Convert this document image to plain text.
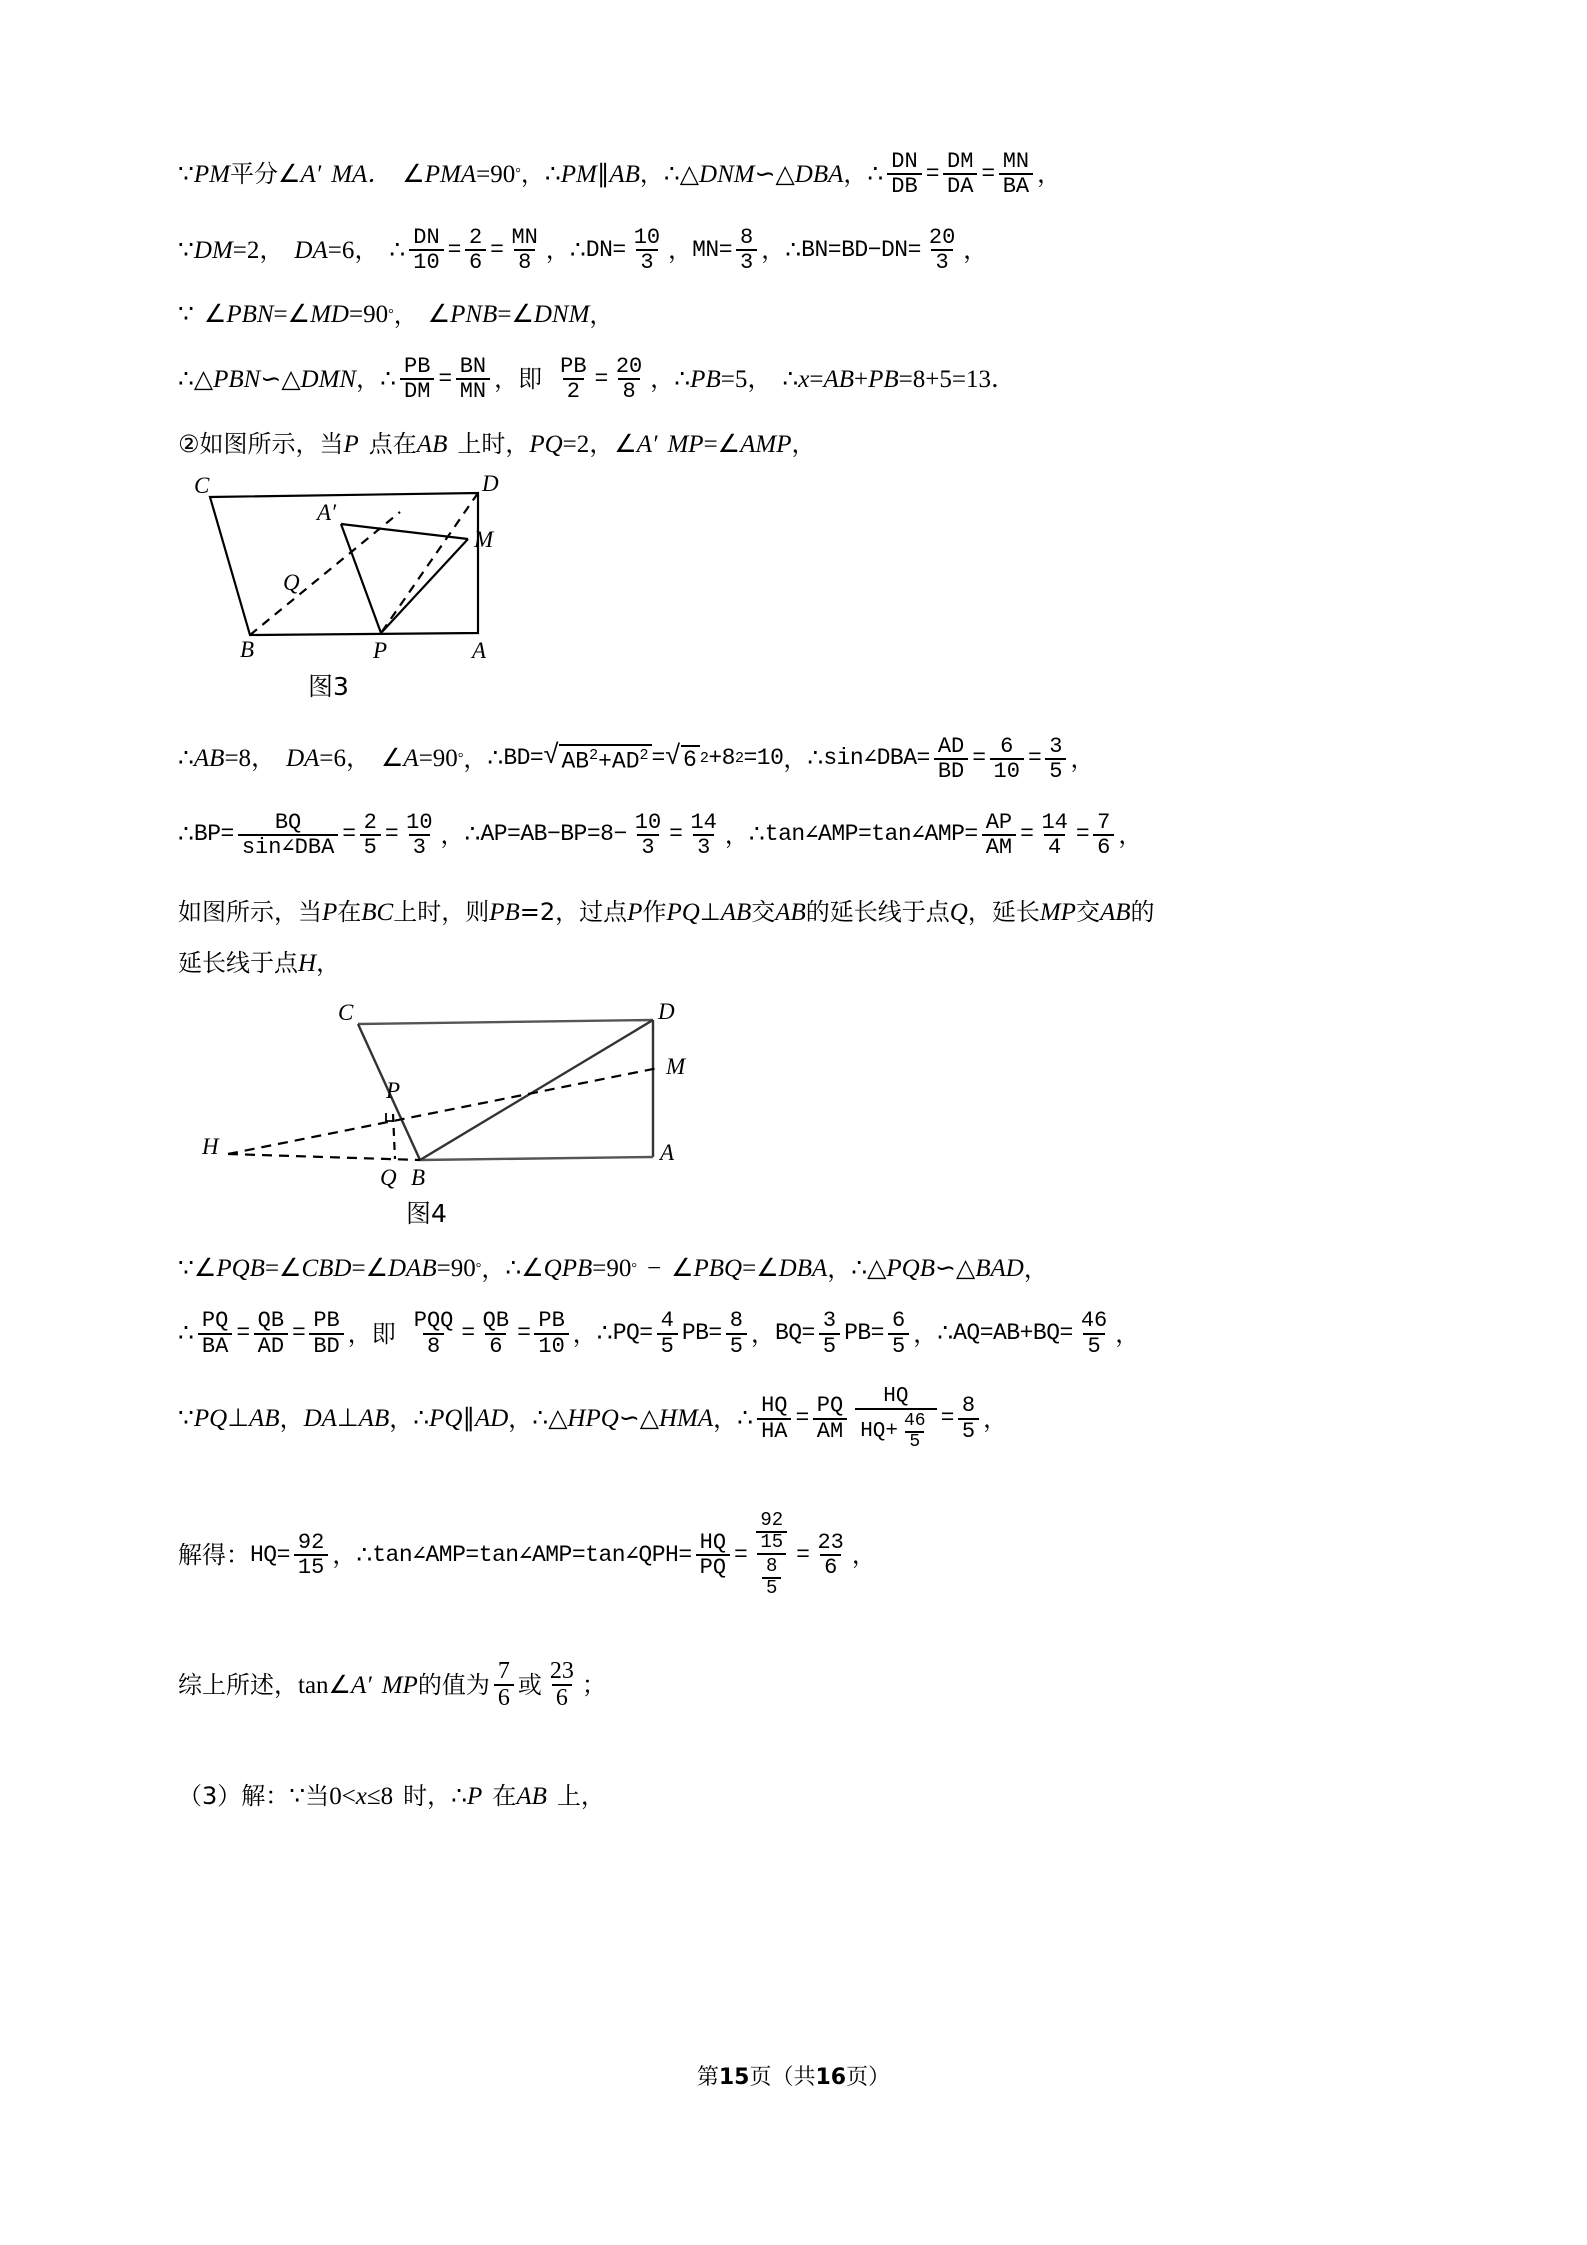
∵ PM 平分 ∠ A ′ MA． ∠ PMA =90 ° ， ∴ PM ∥ AB ， ∴ △ DNM ∽ △ DBA ， ∴ $\frac{DN}{DB} = \frac{DM}{DA} = \frac{MN}{BA}$ ，
∵ DM =2， DA =6， ∴ $\frac{DN}{10} = \frac{2}{6} = \frac{MN}{8}$ ， ∴ $DN= \frac{10}{3}$ ， $MN= \frac{8}{3}$ ， ∴ $BN=BD-DN= \frac{20}{3}$ ，
∵ ∠ PBN = ∠ MD =90 ° ， ∠ PNB = ∠ DNM ，
∴ △ PBN ∽ △ DMN ， ∴ $\frac{PB}{DM} = \frac{BN}{MN}$ ， 即 $\frac{PB}{2} = \frac{20}{8}$ ， ∴ PB =5， ∴ x = AB + PB =8+5=13．
② 如图所示，当 P 点在 AB 上时， PQ =2， ∠ A ′ MP = ∠ AMP ，
C	D
A′
M
Q
B	P	A
图3
∴ AB =8， DA =6， ∠ A =90 ° ， ∴ BD= √ $AB^2+AD^2$ = √ 6 2 +8 2 =10 ， ∴ sin ∠ DBA = $\frac{AD}{BD} = \frac{6}{10} = \frac{3}{5}$ ，
∴ $BP= \frac{BQ}{\text{sin∠DBA}} = \frac{2}{5} = \frac{10}{3}$ ， ∴ $AP=AB-BP=8- \frac{10}{3} = \frac{14}{3}$ ， ∴ tan∠AMP=tan∠AMP= $\frac{AP}{AM} = \frac{14}{4} = \frac{7}{6}$ ，
如图所示，当P在BC上时，则PB=2，过点P作PQ⊥AB交AB的延长线于点Q，延长MP交AB的
延长线于点H，
C	D
P
M
H
Q B
A
图4
∵ ∠ PQB = ∠ CBD = ∠ DAB =90 ° ， ∴ ∠ QPB =90 ° − ∠ PBQ = ∠ DBA ， ∴ △ PQB ∽ △ BAD ，
∴ $\frac{PQ}{BA} = \frac{QB}{AD} = \frac{PB}{BD}$ ， 即 $\frac{\text{PQQ}}{8} = \frac{QB}{6} = \frac{PB}{10}$ ， ∴ $PQ= \frac{4}{5} PB= \frac{8}{5}$ ， $BQ= \frac{3}{5} PB= \frac{6}{5}$ ， ∴ $AQ=AB+BQ= \frac{46}{5}$ ，
∵ PQ ⊥ AB ， DA ⊥ AB ， ∴ PQ ∥ AD ， ∴ △ HPQ ∽ △ HMA ， ∴ $\frac{HQ}{HA} = \frac{PQ}{AM} \frac{HQ}{HQ+ \frac{46}{5}} = \frac{8}{5}$ ，
解得： $HQ= \frac{92}{15}$ ， ∴ tan∠AMP=tan∠AMP=tan∠QPH= $\frac{HQ}{PQ} = \frac{\frac{92}{15}}{\frac{8}{5}} = \frac{23}{6}$ ，
综上所述， tan∠ A ′ MP 的值为 $\frac{7}{6}$ 或 $\frac{23}{6}$ ；
（3）解： ∵ 当 0< x ≤8 时， ∴ P 在 AB 上，
第15页（共16页）
